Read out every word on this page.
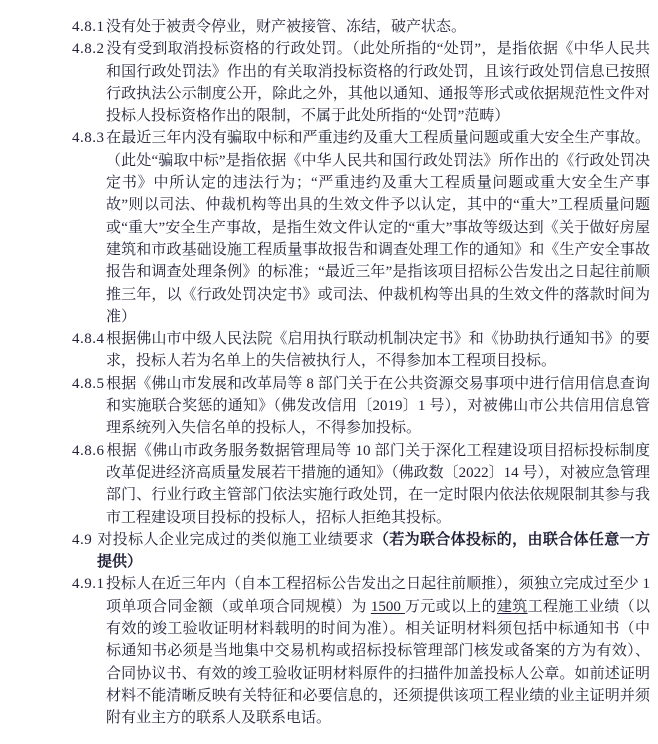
4.8.1 没有处于被责令停业，财产被接管、冻结，破产状态。

4.8.2 没有受到取消投标资格的行政处罚。（此处所指的“处罚”，是指依据《中华人民共和国行政处罚法》作出的有关取消投标资格的行政处罚，且该行政处罚信息已按照行政执法公示制度公开，除此之外，其他以通知、通报等形式或依据规范性文件对投标人投标资格作出的限制，不属于此处所指的“处罚”范畴）

4.8.3 在最近三年内没有骗取中标和严重违约及重大工程质量问题或重大安全生产事故。（此处“骗取中标”是指依据《中华人民共和国行政处罚法》所作出的《行政处罚决定书》中所认定的违法行为；“严重违约及重大工程质量问题或重大安全生产事故”则以司法、仲裁机构等出具的生效文件予以认定，其中的“重大”工程质量问题或“重大”安全生产事故，是指生效文件认定的“重大”事故等级达到《关于做好房屋建筑和市政基础设施工程质量事故报告和调查处理工作的通知》和《生产安全事故报告和调查处理条例》的标准；“最近三年”是指该项目招标公告发出之日起往前顺推三年，以《行政处罚决定书》或司法、仲裁机构等出具的生效文件的落款时间为准）

4.8.4 根据佛山市中级人民法院《启用执行联动机制决定书》和《协助执行通知书》的要求，投标人若为名单上的失信被执行人，不得参加本工程项目投标。

4.8.5 根据《佛山市发展和改革局等 8 部门关于在公共资源交易事项中进行信用信息查询和实施联合奖惩的通知》（佛发改信用〔2019〕1 号），对被佛山市公共信用信息管理系统列入失信名单的投标人，不得参加投标。

4.8.6 根据《佛山市政务服务数据管理局等 10 部门关于深化工程建设项目招标投标制度改革促进经济高质量发展若干措施的通知》（佛政数〔2022〕14 号），对被应急管理部门、行业行政主管部门依法实施行政处罚，在一定时限内依法依规限制其参与我市工程建设项目投标的投标人，招标人拒绝其投标。

4.9 对投标人企业完成过的类似施工业绩要求（若为联合体投标的，由联合体任意一方提供）

4.9.1 投标人在近三年内（自本工程招标公告发出之日起往前顺推），须独立完成过至少 1 项单项合同金额（或单项合同规模）为 1500 万元或以上的建筑工程施工业绩（以有效的竣工验收证明材料载明的时间为准）。相关证明材料须包括中标通知书（中标通知书必须是当地集中交易机构或招标投标管理部门核发或备案的方为有效）、合同协议书、有效的竣工验收证明材料原件的扫描件加盖投标人公章。如前述证明材料不能清晰反映有关特征和必要信息的，还须提供该项工程业绩的业主证明并须附有业主方的联系人及联系电话。
